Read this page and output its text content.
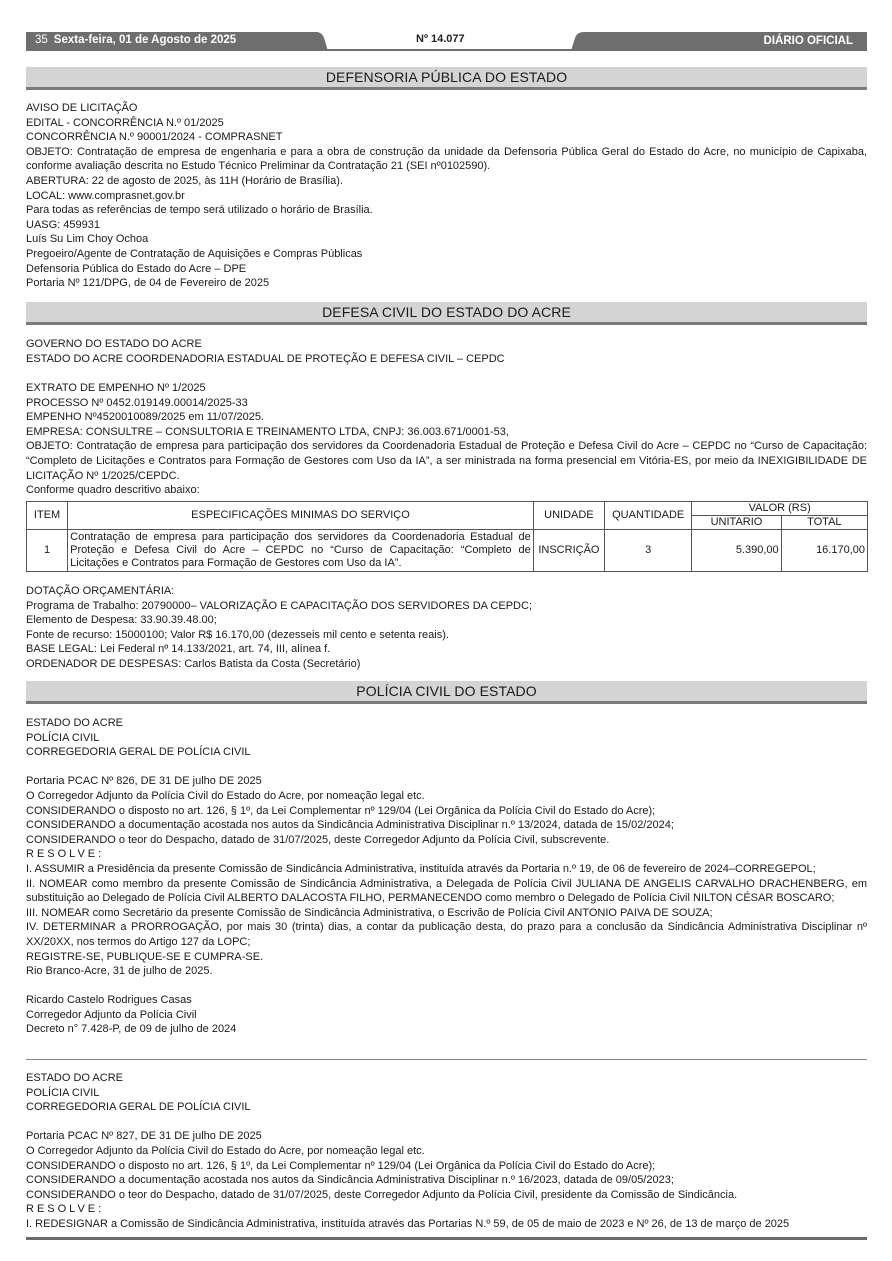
35 Sexta-feira, 01 de Agosto de 2025	Nº 14.077	DIÁRIO OFICIAL
DEFENSORIA PÚBLICA DO ESTADO
AVISO DE LICITAÇÃO
EDITAL - CONCORRÊNCIA N.º 01/2025
CONCORRÊNCIA N.º 90001/2024 - COMPRASNET
OBJETO: Contratação de empresa de engenharia e para a obra de construção da unidade da Defensoria Pública Geral do Estado do Acre, no município de Capixaba, conforme avaliação descrita no Estudo Técnico Preliminar da Contratação 21 (SEI nº0102590).
ABERTURA: 22 de agosto de 2025, às 11H (Horário de Brasília).
LOCAL: www.comprasnet.gov.br
Para todas as referências de tempo será utilizado o horário de Brasília.
UASG: 459931
Luís Su Lim Choy Ochoa
Pregoeiro/Agente de Contratação de Aquisições e Compras Públicas
Defensoria Pública do Estado do Acre – DPE
Portaria Nº 121/DPG, de 04 de Fevereiro de 2025
DEFESA CIVIL DO ESTADO DO ACRE
GOVERNO DO ESTADO DO ACRE
ESTADO DO ACRE COORDENADORIA ESTADUAL DE PROTEÇÃO E DEFESA CIVIL – CEPDC
EXTRATO DE EMPENHO Nº 1/2025
PROCESSO Nº 0452.019149.00014/2025-33
EMPENHO Nº4520010089/2025 em 11/07/2025.
EMPRESA: CONSULTRE – CONSULTORIA E TREINAMENTO LTDA, CNPJ: 36.003.671/0001-53,
OBJETO: Contratação de empresa para participação dos servidores da Coordenadoria Estadual de Proteção e Defesa Civil do Acre – CEPDC no “Curso de Capacitação: “Completo de Licitações e Contratos para Formação de Gestores com Uso da IA”, a ser ministrada na forma presencial em Vitória-ES, por meio da INEXIGIBILIDADE DE LICITAÇÃO Nº 1/2025/CEPDC.
Conforme quadro descritivo abaixo:
ITEM	ESPECIFICAÇÕES MINIMAS DO SERVIÇO	UNIDADE	QUANTIDADE	VALOR (RS)	
				UNITARIO	TOTAL
1	Contratação de empresa para participação dos servidores da Coordenadoria Estadual de Proteção e Defesa Civil do Acre – CEPDC no “Curso de Capacitação: “Completo de Licitações e Contratos para Formação de Gestores com Uso da IA”.	INSCRIÇÃO	3	5.390,00	16.170,00
DOTAÇÃO ORÇAMENTÁRIA:
Programa de Trabalho: 20790000– VALORIZAÇÃO E CAPACITAÇÃO DOS SERVIDORES DA CEPDC;
Elemento de Despesa: 33.90.39.48.00;
Fonte de recurso: 15000100; Valor R$ 16.170,00 (dezesseis mil cento e setenta reais).
BASE LEGAL: Lei Federal nº 14.133/2021, art. 74, III, alínea f.
ORDENADOR DE DESPESAS: Carlos Batista da Costa (Secretário)
POLÍCIA CIVIL DO ESTADO
ESTADO DO ACRE
POLÍCIA CIVIL
CORREGEDORIA GERAL DE POLÍCIA CIVIL
Portaria PCAC Nº 826, DE 31 DE julho DE 2025
O Corregedor Adjunto da Polícia Civil do Estado do Acre, por nomeação legal etc.
CONSIDERANDO o disposto no art. 126, § 1º, da Lei Complementar nº 129/04 (Lei Orgânica da Polícia Civil do Estado do Acre);
CONSIDERANDO a documentação acostada nos autos da Sindicância Administrativa Disciplinar n.º 13/2024, datada de 15/02/2024;
CONSIDERANDO o teor do Despacho, datado de 31/07/2025, deste Corregedor Adjunto da Polícia Civil, subscrevente.
RESOLVE:
I. ASSUMIR a Presidência da presente Comissão de Sindicância Administrativa, instituída através da Portaria n.º 19, de 06 de fevereiro de 2024–CORREGEPOL;
II. NOMEAR como membro da presente Comissão de Sindicância Administrativa, a Delegada de Polícia Civil JULIANA DE ANGELIS CARVALHO DRACHENBERG, em substituição ao Delegado de Polícia Civil ALBERTO DALACOSTA FILHO, PERMANECENDO como membro o Delegado de Polícia Civil NILTON CÉSAR BOSCARO;
III. NOMEAR como Secretário da presente Comissão de Sindicância Administrativa, o Escrivão de Polícia Civil ANTONIO PAIVA DE SOUZA;
IV. DETERMINAR a PRORROGAÇÃO, por mais 30 (trinta) dias, a contar da publicação desta, do prazo para a conclusão da Sindicância Administrativa Disciplinar nº XX/20XX, nos termos do Artigo 127 da LOPC;
REGISTRE-SE, PUBLIQUE-SE E CUMPRA-SE.
Rio Branco-Acre, 31 de julho de 2025.
Ricardo Castelo Rodrigues Casas
Corregedor Adjunto da Polícia Civil
Decreto n° 7.428-P, de 09 de julho de 2024
ESTADO DO ACRE
POLÍCIA CIVIL
CORREGEDORIA GERAL DE POLÍCIA CIVIL
Portaria PCAC Nº 827, DE 31 DE julho DE 2025
O Corregedor Adjunto da Polícia Civil do Estado do Acre, por nomeação legal etc.
CONSIDERANDO o disposto no art. 126, § 1º, da Lei Complementar nº 129/04 (Lei Orgânica da Polícia Civil do Estado do Acre);
CONSIDERANDO a documentação acostada nos autos da Sindicância Administrativa Disciplinar n.º 16/2023, datada de 09/05/2023;
CONSIDERANDO o teor do Despacho, datado de 31/07/2025, deste Corregedor Adjunto da Polícia Civil, presidente da Comissão de Sindicância.
RESOLVE:
I. REDESIGNAR a Comissão de Sindicância Administrativa, instituída através das Portarias N.º 59, de 05 de maio de 2023 e Nº 26, de 13 de março de 2025
